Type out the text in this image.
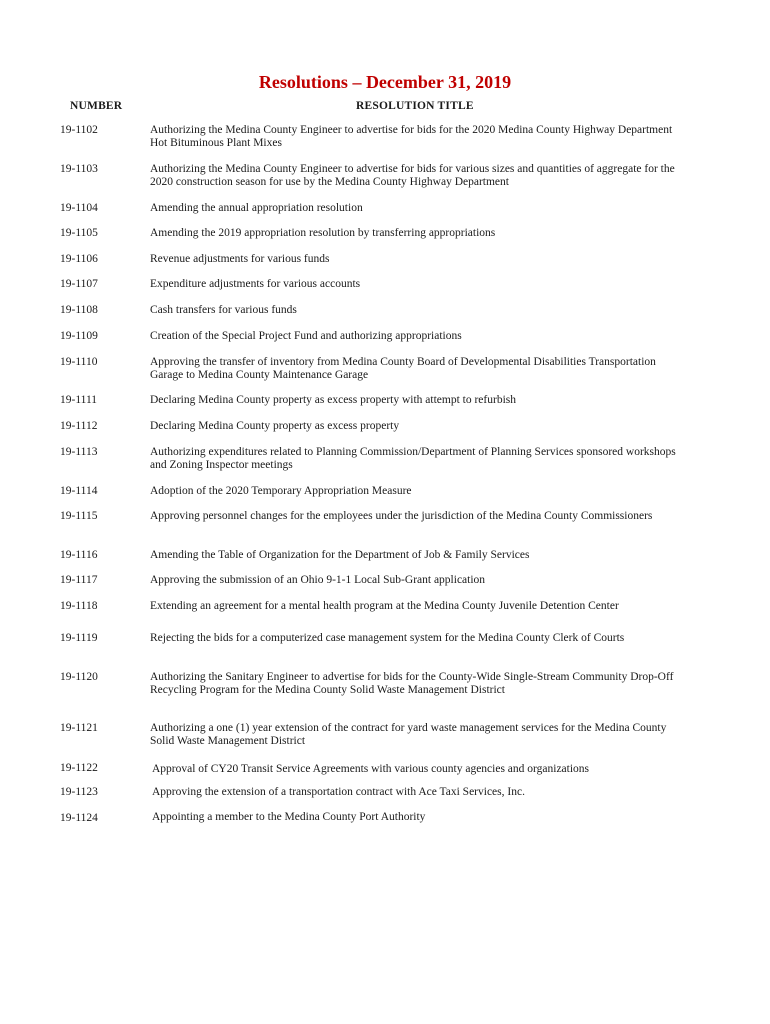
Resolutions – December 31, 2019
NUMBER	RESOLUTION TITLE
19-1102	Authorizing the Medina County Engineer to advertise for bids for the 2020 Medina County Highway Department Hot Bituminous Plant Mixes
19-1103	Authorizing the Medina County Engineer to advertise for bids for various sizes and quantities of aggregate for the 2020 construction season for use by the Medina County Highway Department
19-1104	Amending the annual appropriation resolution
19-1105	Amending the 2019 appropriation resolution by transferring appropriations
19-1106	Revenue adjustments for various funds
19-1107	Expenditure adjustments for various accounts
19-1108	Cash transfers for various funds
19-1109	Creation of the Special Project Fund and authorizing appropriations
19-1110	Approving the transfer of inventory from Medina County Board of Developmental Disabilities Transportation Garage to Medina County Maintenance Garage
19-1111	Declaring Medina County property as excess property with attempt to refurbish
19-1112	Declaring Medina County property as excess property
19-1113	Authorizing expenditures related to Planning Commission/Department of Planning Services sponsored workshops and Zoning Inspector meetings
19-1114	Adoption of the 2020 Temporary Appropriation Measure
19-1115	Approving personnel changes for the employees under the jurisdiction of the Medina County Commissioners
19-1116	Amending the Table of Organization for the Department of Job & Family Services
19-1117	Approving the submission of an Ohio 9-1-1 Local Sub-Grant application
19-1118	Extending an agreement for a mental health program at the Medina County Juvenile Detention Center
19-1119	Rejecting the bids for a computerized case management system for the Medina County Clerk of Courts
19-1120	Authorizing the Sanitary Engineer to advertise for bids for the County-Wide Single-Stream Community Drop-Off Recycling Program for the Medina County Solid Waste Management District
19-1121	Authorizing a one (1) year extension of the contract for yard waste management services for the Medina County Solid Waste Management District
19-1122	Approval of CY20 Transit Service Agreements with various county agencies and organizations
19-1123	Approving the extension of a transportation contract with Ace Taxi Services, Inc.
19-1124	Appointing a member to the Medina County Port Authority
